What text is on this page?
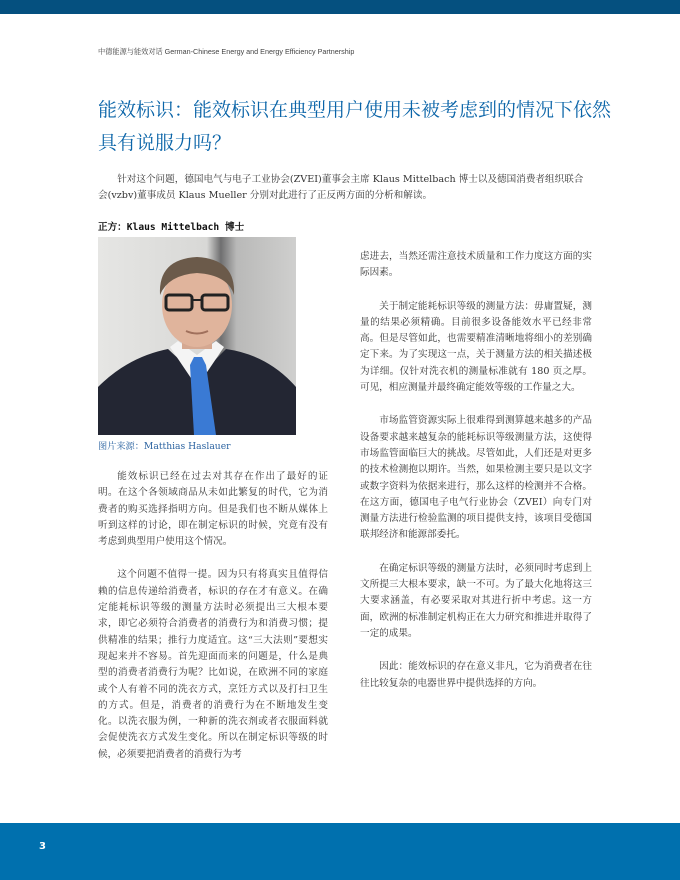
中德能源与能效对话 German-Chinese Energy and Energy Efficiency Partnership
能效标识：能效标识在典型用户使用未被考虑到的情况下依然具有说服力吗？

针对这个问题，德国电气与电子工业协会(ZVEI)董事会主席 Klaus Mittelbach 博士以及德国消费者组织联合会(vzbv)董事成员 Klaus Mueller 分别对此进行了正反两方面的分析和解读。

正方：Klaus Mittelbach 博士

图片来源：Matthias Haslauer

能效标识已经在过去对其存在作出了最好的证明。在这个各领域商品从未如此繁复的时代，它为消费者的购买选择指明方向。但是我们也不断从媒体上听到这样的讨论，即在制定标识的时候，究竟有没有考虑到典型用户使用这个情况。

这个问题不值得一提。因为只有将真实且值得信赖的信息传递给消费者，标识的存在才有意义。在确定能耗标识等级的测量方法时必须提出三大根本要求，即它必须符合消费者的消费行为和消费习惯；提供精准的结果；推行力度适宜。这“三大法则”要想实现起来并不容易。首先迎面而来的问题是，什么是典型的消费者消费行为呢？比如说，在欧洲不同的家庭或个人有着不同的洗衣方式，烹饪方式以及打扫卫生的方式。但是，消费者的消费行为在不断地发生变化。以洗衣服为例，一种新的洗衣剂或者衣服面料就会促使洗衣方式发生变化。所以在制定标识等级的时候，必须要把消费者的消费行为考

虑进去，当然还需注意技术质量和工作力度这方面的实际因素。

关于制定能耗标识等级的测量方法：毋庸置疑，测量的结果必须精确。目前很多设备能效水平已经非常高。但是尽管如此，也需要精准清晰地将细小的差别确定下来。为了实现这一点，关于测量方法的相关描述极为详细。仅针对洗衣机的测量标准就有 180 页之厚。可见，相应测量并最终确定能效等级的工作量之大。

市场监管资源实际上很难得到测算越来越多的产品设备要求越来越复杂的能耗标识等级测量方法，这使得市场监管面临巨大的挑战。尽管如此，人们还是对更多的技术检测抱以期许。当然，如果检测主要只是以文字或数字资料为依据来进行，那么这样的检测并不合格。在这方面，德国电子电气行业协会（ZVEI）向专门对测量方法进行检验监测的项目提供支持，该项目受德国联邦经济和能源部委托。

在确定标识等级的测量方法时，必须同时考虑到上文所提三大根本要求，缺一不可。为了最大化地将这三大要求涵盖，有必要采取对其进行折中考虑。这一方面，欧洲的标准制定机构正在大力研究和推进并取得了一定的成果。

因此：能效标识的存在意义非凡，它为消费者在往往比较复杂的电器世界中提供选择的方向。

3
